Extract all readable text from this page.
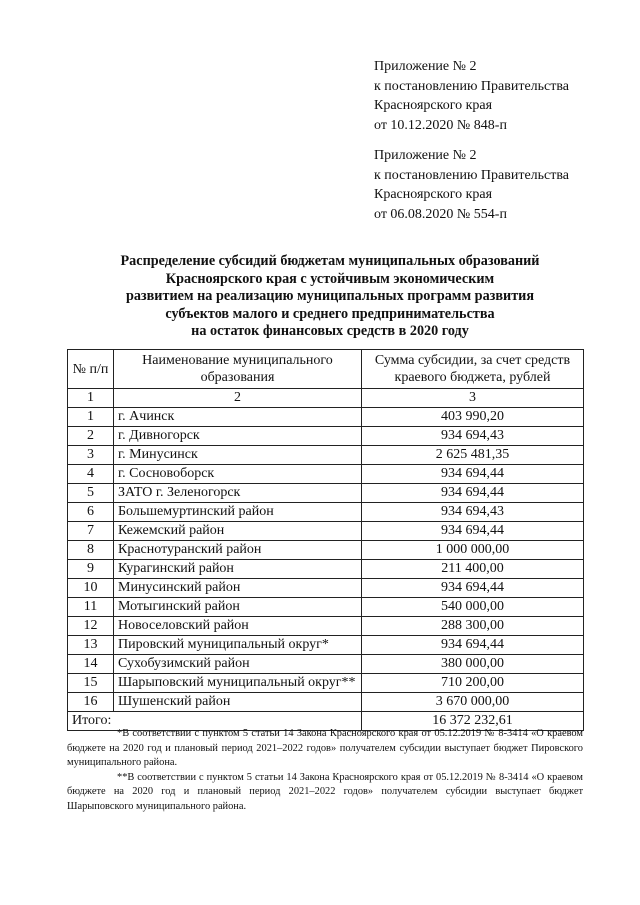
Приложение № 2
к постановлению Правительства
Красноярского края
от 10.12.2020 № 848-п
Приложение № 2
к постановлению Правительства
Красноярского края
от 06.08.2020 № 554-п
Распределение субсидий бюджетам муниципальных образований
Красноярского края с устойчивым экономическим
развитием на реализацию муниципальных программ развития
субъектов малого и среднего предпринимательства
на остаток финансовых средств в 2020 году
№ п/п	Наименование муниципального образования	Сумма субсидии, за счет средств краевого бюджета, рублей
1	2	3
1	г. Ачинск	403 990,20
2	г. Дивногорск	934 694,43
3	г. Минусинск	2 625 481,35
4	г. Сосновоборск	934 694,44
5	ЗАТО г. Зеленогорск	934 694,44
6	Большемуртинский район	934 694,43
7	Кежемский район	934 694,44
8	Краснотуранский район	1 000 000,00
9	Курагинский район	211 400,00
10	Минусинский район	934 694,44
11	Мотыгинский район	540 000,00
12	Новоселовский район	288 300,00
13	Пировский муниципальный округ*	934 694,44
14	Сухобузимский район	380 000,00
15	Шарыповский муниципальный округ**	710 200,00
16	Шушенский район	3 670 000,00
Итого:		16 372 232,61
*В соответствии с пунктом 5 статьи 14 Закона Красноярского края от 05.12.2019 № 8-3414 «О краевом бюджете на 2020 год и плановый период 2021–2022 годов» получателем субсидии выступает бюджет Пировского муниципального района.
**В соответствии с пунктом 5 статьи 14 Закона Красноярского края от 05.12.2019 № 8-3414 «О краевом бюджете на 2020 год и плановый период 2021–2022 годов» получателем субсидии выступает бюджет Шарыповского муниципального района.
